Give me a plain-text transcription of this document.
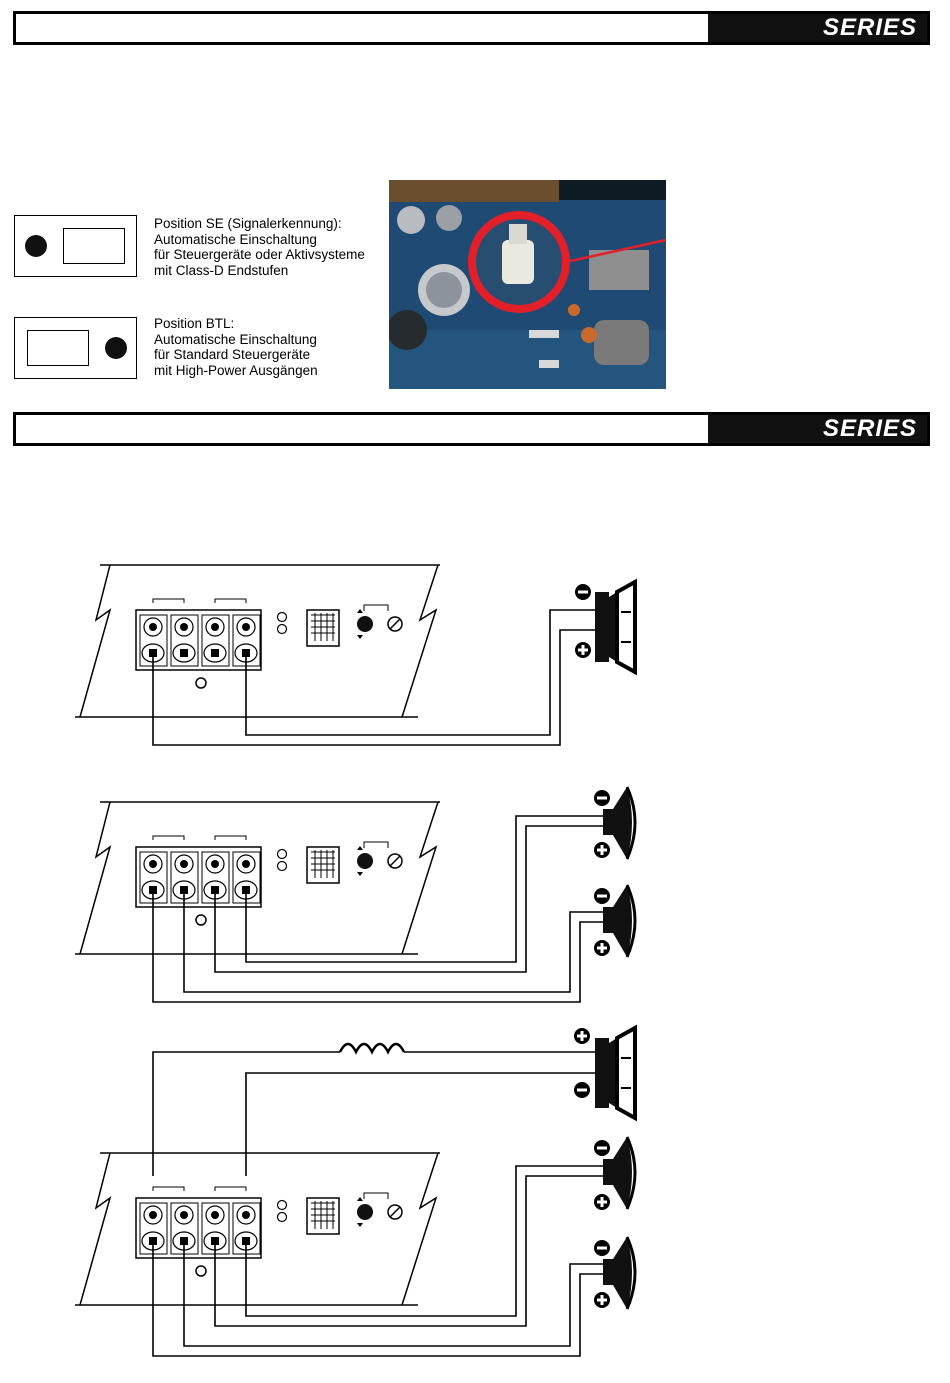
SERIES
Position SE (Signalerkennung):
Automatische Einschaltung
für Steuergeräte oder Aktivsysteme
mit Class-D Endstufen
Position BTL:
Automatische Einschaltung
für Standard Steuergeräte
mit High-Power Ausgängen
SERIES
